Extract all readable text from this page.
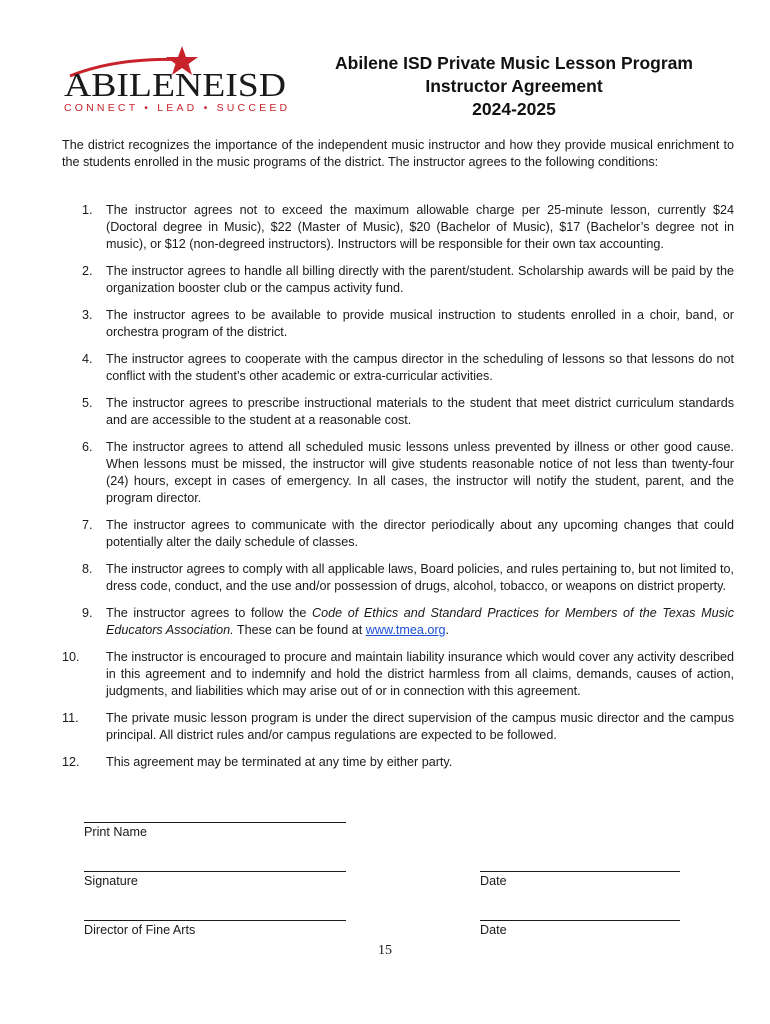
ABILENEISD
CONNECT • LEAD • SUCCEED
Abilene ISD Private Music Lesson Program
Instructor Agreement
2024-2025
The district recognizes the importance of the independent music instructor and how they provide musical enrichment to the students enrolled in the music programs of the district. The instructor agrees to the following conditions:
1. The instructor agrees not to exceed the maximum allowable charge per 25-minute lesson, currently $24 (Doctoral degree in Music), $22 (Master of Music), $20 (Bachelor of Music), $17 (Bachelor’s degree not in music), or $12 (non-degreed instructors). Instructors will be responsible for their own tax accounting.
2. The instructor agrees to handle all billing directly with the parent/student. Scholarship awards will be paid by the organization booster club or the campus activity fund.
3. The instructor agrees to be available to provide musical instruction to students enrolled in a choir, band, or orchestra program of the district.
4. The instructor agrees to cooperate with the campus director in the scheduling of lessons so that lessons do not conflict with the student’s other academic or extra-curricular activities.
5. The instructor agrees to prescribe instructional materials to the student that meet district curriculum standards and are accessible to the student at a reasonable cost.
6. The instructor agrees to attend all scheduled music lessons unless prevented by illness or other good cause. When lessons must be missed, the instructor will give students reasonable notice of not less than twenty-four (24) hours, except in cases of emergency. In all cases, the instructor will notify the student, parent, and the program director.
7. The instructor agrees to communicate with the director periodically about any upcoming changes that could potentially alter the daily schedule of classes.
8. The instructor agrees to comply with all applicable laws, Board policies, and rules pertaining to, but not limited to, dress code, conduct, and the use and/or possession of drugs, alcohol, tobacco, or weapons on district property.
9. The instructor agrees to follow the Code of Ethics and Standard Practices for Members of the Texas Music Educators Association. These can be found at www.tmea.org.
10. The instructor is encouraged to procure and maintain liability insurance which would cover any activity described in this agreement and to indemnify and hold the district harmless from all claims, demands, causes of action, judgments, and liabilities which may arise out of or in connection with this agreement.
11. The private music lesson program is under the direct supervision of the campus music director and the campus principal. All district rules and/or campus regulations are expected to be followed.
12. This agreement may be terminated at any time by either party.
Print Name
Signature	Date
Director of Fine Arts	Date
15
